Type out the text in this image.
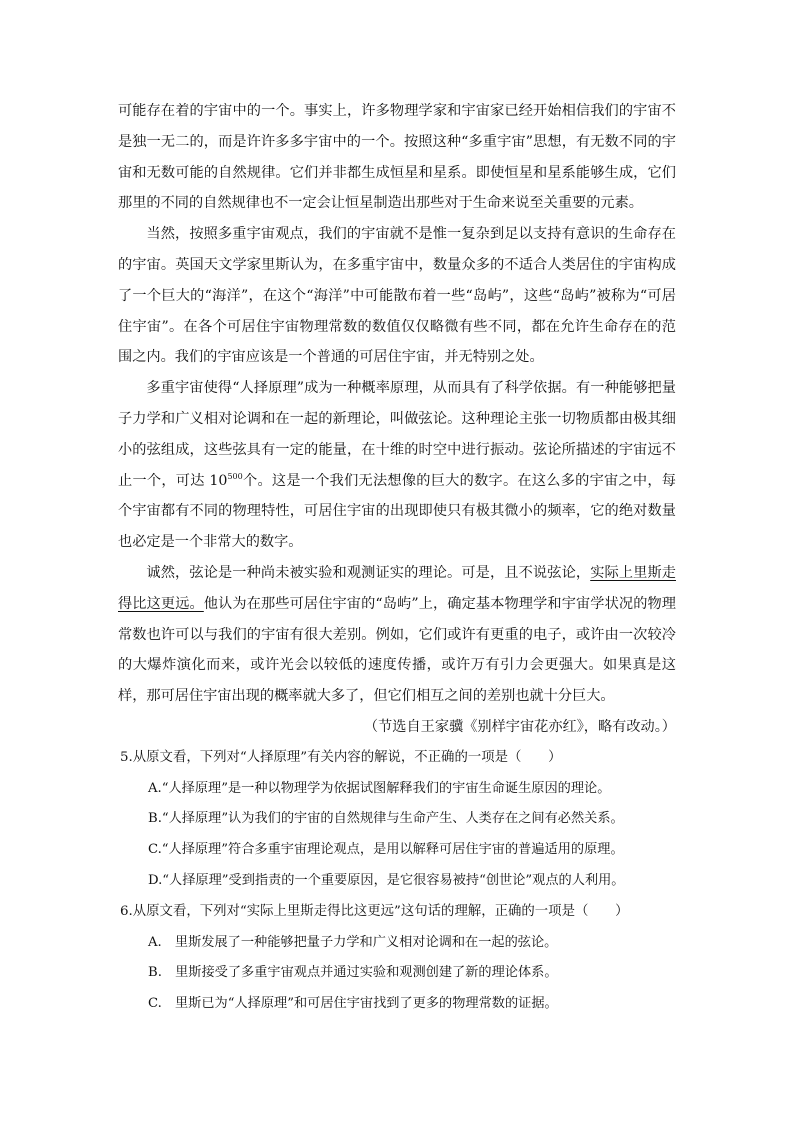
可能存在着的宇宙中的一个。事实上，许多物理学家和宇宙家已经开始相信我们的宇宙不是独一无二的，而是许许多多宇宙中的一个。按照这种“多重宇宙”思想，有无数不同的宇宙和无数可能的自然规律。它们并非都生成恒星和星系。即使恒星和星系能够生成，它们那里的不同的自然规律也不一定会让恒星制造出那些对于生命来说至关重要的元素。

当然，按照多重宇宙观点，我们的宇宙就不是惟一复杂到足以支持有意识的生命存在的宇宙。英国天文学家里斯认为，在多重宇宙中，数量众多的不适合人类居住的宇宙构成了一个巨大的“海洋”，在这个“海洋”中可能散布着一些“岛屿”，这些“岛屿”被称为“可居住宇宙”。在各个可居住宇宙物理常数的数值仅仅略微有些不同，都在允许生命存在的范围之内。我们的宇宙应该是一个普通的可居住宇宙，并无特别之处。

多重宇宙使得“人择原理”成为一种概率原理，从而具有了科学依据。有一种能够把量子力学和广义相对论调和在一起的新理论，叫做弦论。这种理论主张一切物质都由极其细小的弦组成，这些弦具有一定的能量，在十维的时空中进行振动。弦论所描述的宇宙远不止一个，可达 $10^{500}$个。这是一个我们无法想像的巨大的数字。在这么多的宇宙之中，每个宇宙都有不同的物理特性，可居住宇宙的出现即使只有极其微小的频率，它的绝对数量也必定是一个非常大的数字。

诚然，弦论是一种尚未被实验和观测证实的理论。可是，且不说弦论，实际上里斯走得比这更远。他认为在那些可居住宇宙的“岛屿”上，确定基本物理学和宇宙学状况的物理常数也许可以与我们的宇宙有很大差别。例如，它们或许有更重的电子，或许由一次较冷的大爆炸演化而来，或许光会以较低的速度传播，或许万有引力会更强大。如果真是这样，那可居住宇宙出现的概率就大多了，但它们相互之间的差别也就十分巨大。

（节选自王家骥《别样宇宙花亦红》，略有改动。）

5.从原文看，下列对“人择原理”有关内容的解说，不正确的一项是（　　）

A.“人择原理”是一种以物理学为依据试图解释我们的宇宙生命诞生原因的理论。

B.“人择原理”认为我们的宇宙的自然规律与生命产生、人类存在之间有必然关系。

C.“人择原理”符合多重宇宙理论观点，是用以解释可居住宇宙的普遍适用的原理。

D.“人择原理”受到指责的一个重要原因，是它很容易被持“创世论”观点的人利用。

6.从原文看，下列对“实际上里斯走得比这更远”这句话的理解，正确的一项是（　　）

A.　里斯发展了一种能够把量子力学和广义相对论调和在一起的弦论。

B.　里斯接受了多重宇宙观点并通过实验和观测创建了新的理论体系。

C.　里斯已为“人择原理”和可居住宇宙找到了更多的物理常数的证据。
